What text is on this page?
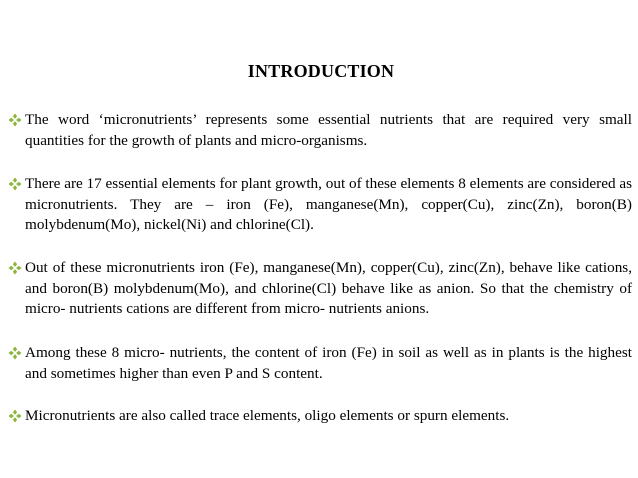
INTRODUCTION
The word ‘micronutrients’ represents some essential nutrients that are required very small quantities for the growth of plants and micro-organisms.
There are 17 essential elements for plant growth, out of these elements 8 elements are considered as micronutrients. They are – iron (Fe), manganese(Mn), copper(Cu), zinc(Zn), boron(B) molybdenum(Mo), nickel(Ni) and chlorine(Cl).
Out of these micronutrients iron (Fe), manganese(Mn), copper(Cu), zinc(Zn), behave like cations, and boron(B) molybdenum(Mo), and chlorine(Cl) behave like as anion. So that the chemistry of micro- nutrients cations are different from micro- nutrients anions.
Among these 8 micro- nutrients, the content of iron (Fe) in soil as well as in plants is the highest and sometimes higher than even P and S content.
Micronutrients are also called trace elements, oligo elements or spurn elements.
